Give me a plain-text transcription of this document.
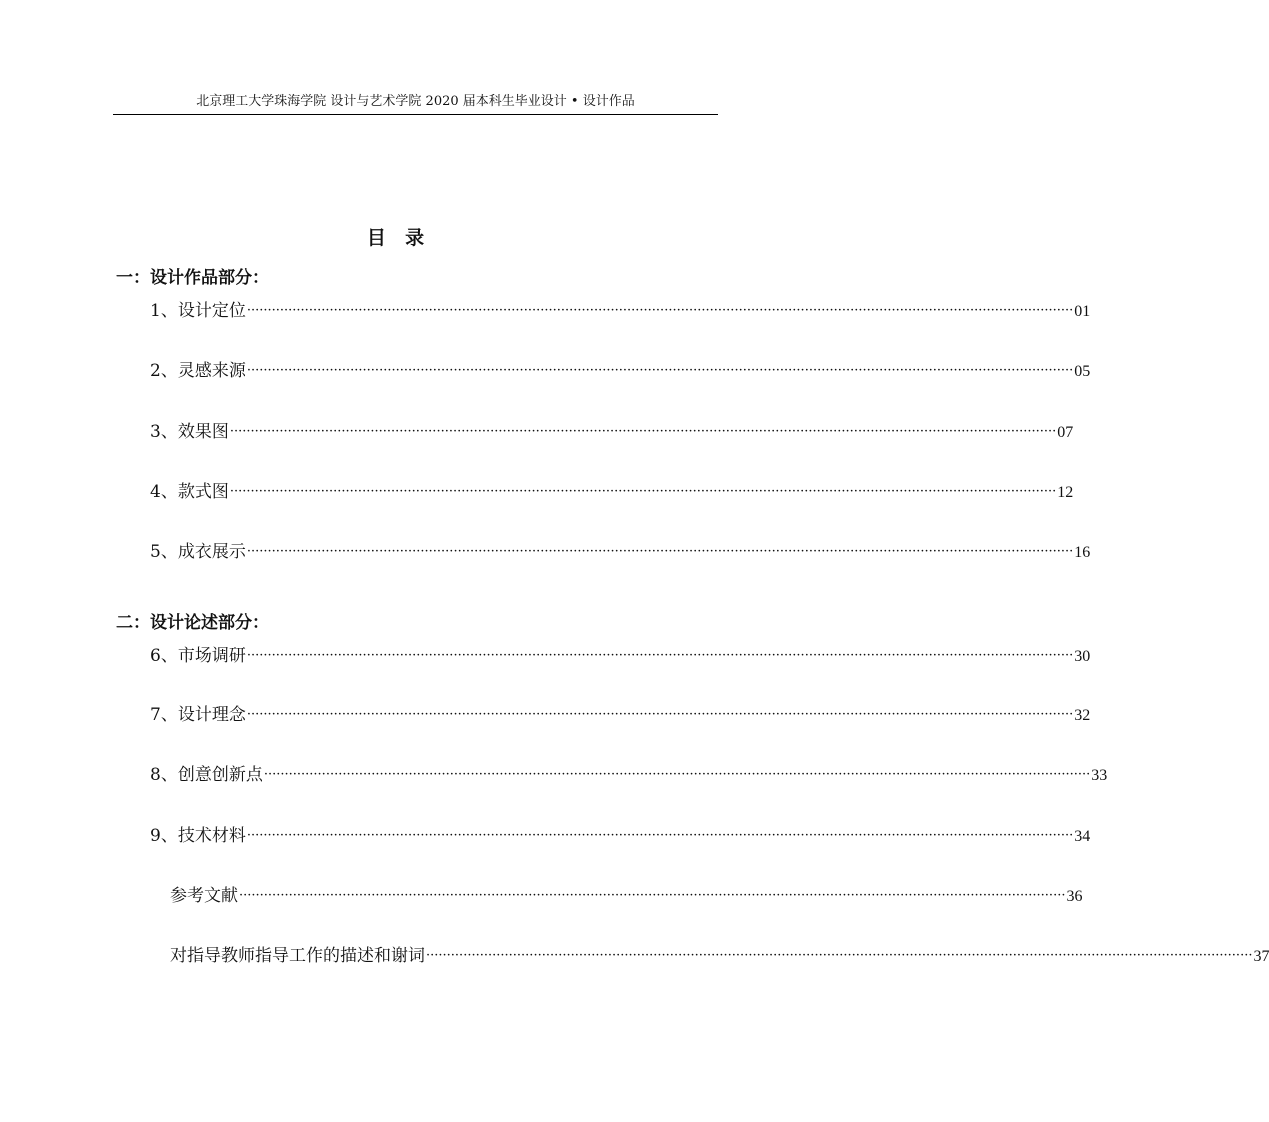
北京理工大学珠海学院 设计与艺术学院 2020 届本科生毕业设计 • 设计作品
目  录
一：设计作品部分：
1、设计定位 ········································································································································································································ 01
2、灵感来源 ········································································································································································································ 05
3、效果图 ········································································································································································································ 07
4、款式图 ········································································································································································································ 12
5、成衣展示 ········································································································································································································ 16
二：设计论述部分：
6、市场调研 ········································································································································································································ 30
7、设计理念 ········································································································································································································ 32
8、创意创新点 ········································································································································································································ 33
9、技术材料 ········································································································································································································ 34
参考文献 ········································································································································································································ 36
对指导教师指导工作的描述和谢词 ········································································································································································································ 37
